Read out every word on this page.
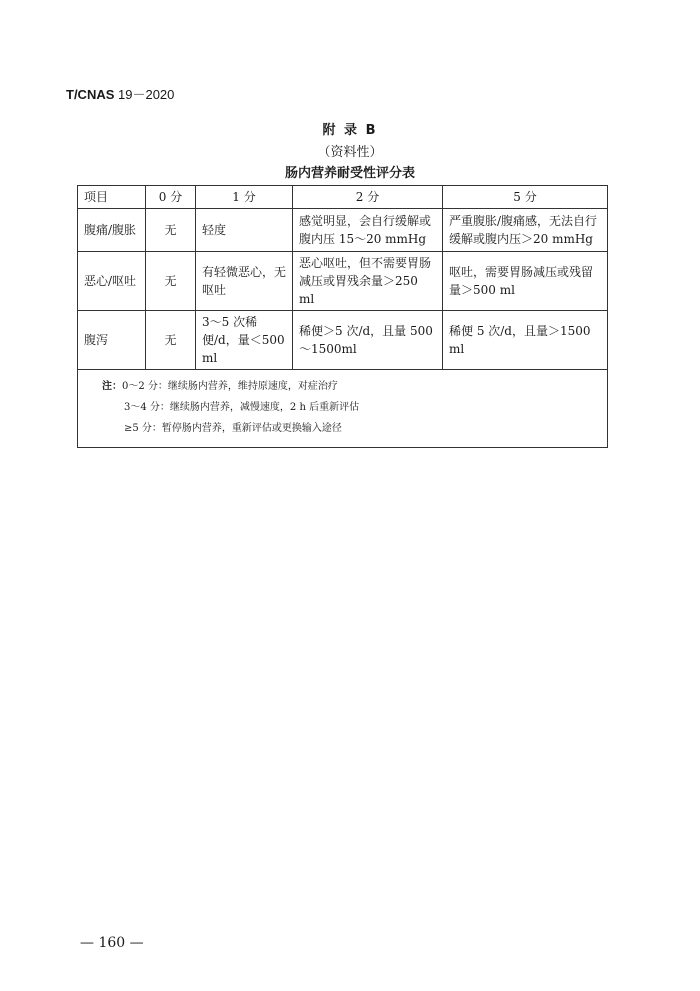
T/CNAS 19－2020
附 录 B
（资料性）
肠内营养耐受性评分表
项目	0 分	1 分	2 分	5 分
腹痛/腹胀	无	轻度	感觉明显，会自行缓解或腹内压 15～20 mmHg	严重腹胀/腹痛感，无法自行缓解或腹内压＞20 mmHg
恶心/呕吐	无	有轻微恶心，无呕吐	恶心呕吐，但不需要胃肠减压或胃残余量＞250 ml	呕吐，需要胃肠减压或残留量＞500 ml
腹泻	无	3～5 次稀便/d，量＜500 ml	稀便＞5 次/d，且量 500～1500ml	稀便 5 次/d，且量＞1500 ml

注：0～2 分：继续肠内营养，维持原速度，对症治疗
3～4 分：继续肠内营养，减慢速度，2 h 后重新评估
≥5 分：暂停肠内营养，重新评估或更换输入途径				
— 160 —
